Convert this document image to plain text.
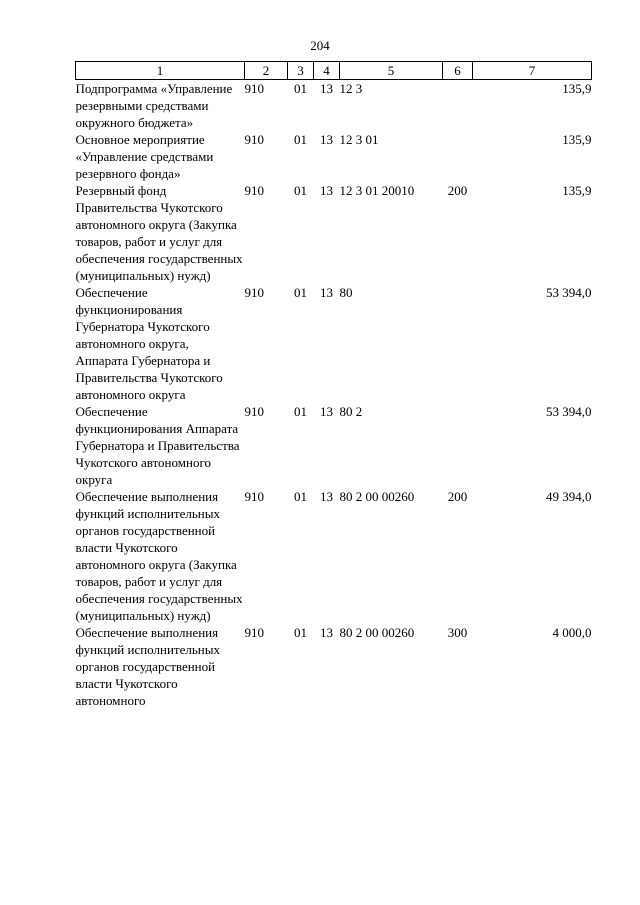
204
1	2	3	4	5	6	7
Подпрограмма «Управление резервными средствами окружного бюджета»	910	01	13	12 3		135,9
Основное мероприятие «Управление средствами резервного фонда»	910	01	13	12 3 01		135,9
Резервный фонд Правительства Чукотского автономного округа (Закупка товаров, работ и услуг для обеспечения государственных (муниципальных) нужд)	910	01	13	12 3 01 20010	200	135,9
Обеспечение функционирования Губернатора Чукотского автономного округа, Аппарата Губернатора и Правительства Чукотского автономного округа	910	01	13	80		53 394,0
Обеспечение функционирования Аппарата Губернатора и Правительства Чукотского автономного округа	910	01	13	80 2		53 394,0
Обеспечение выполнения функций исполнительных органов государственной власти Чукотского автономного округа (Закупка товаров, работ и услуг для обеспечения государственных (муниципальных) нужд)	910	01	13	80 2 00 00260	200	49 394,0
Обеспечение выполнения функций исполнительных органов государственной власти Чукотского автономного	910	01	13	80 2 00 00260	300	4 000,0
